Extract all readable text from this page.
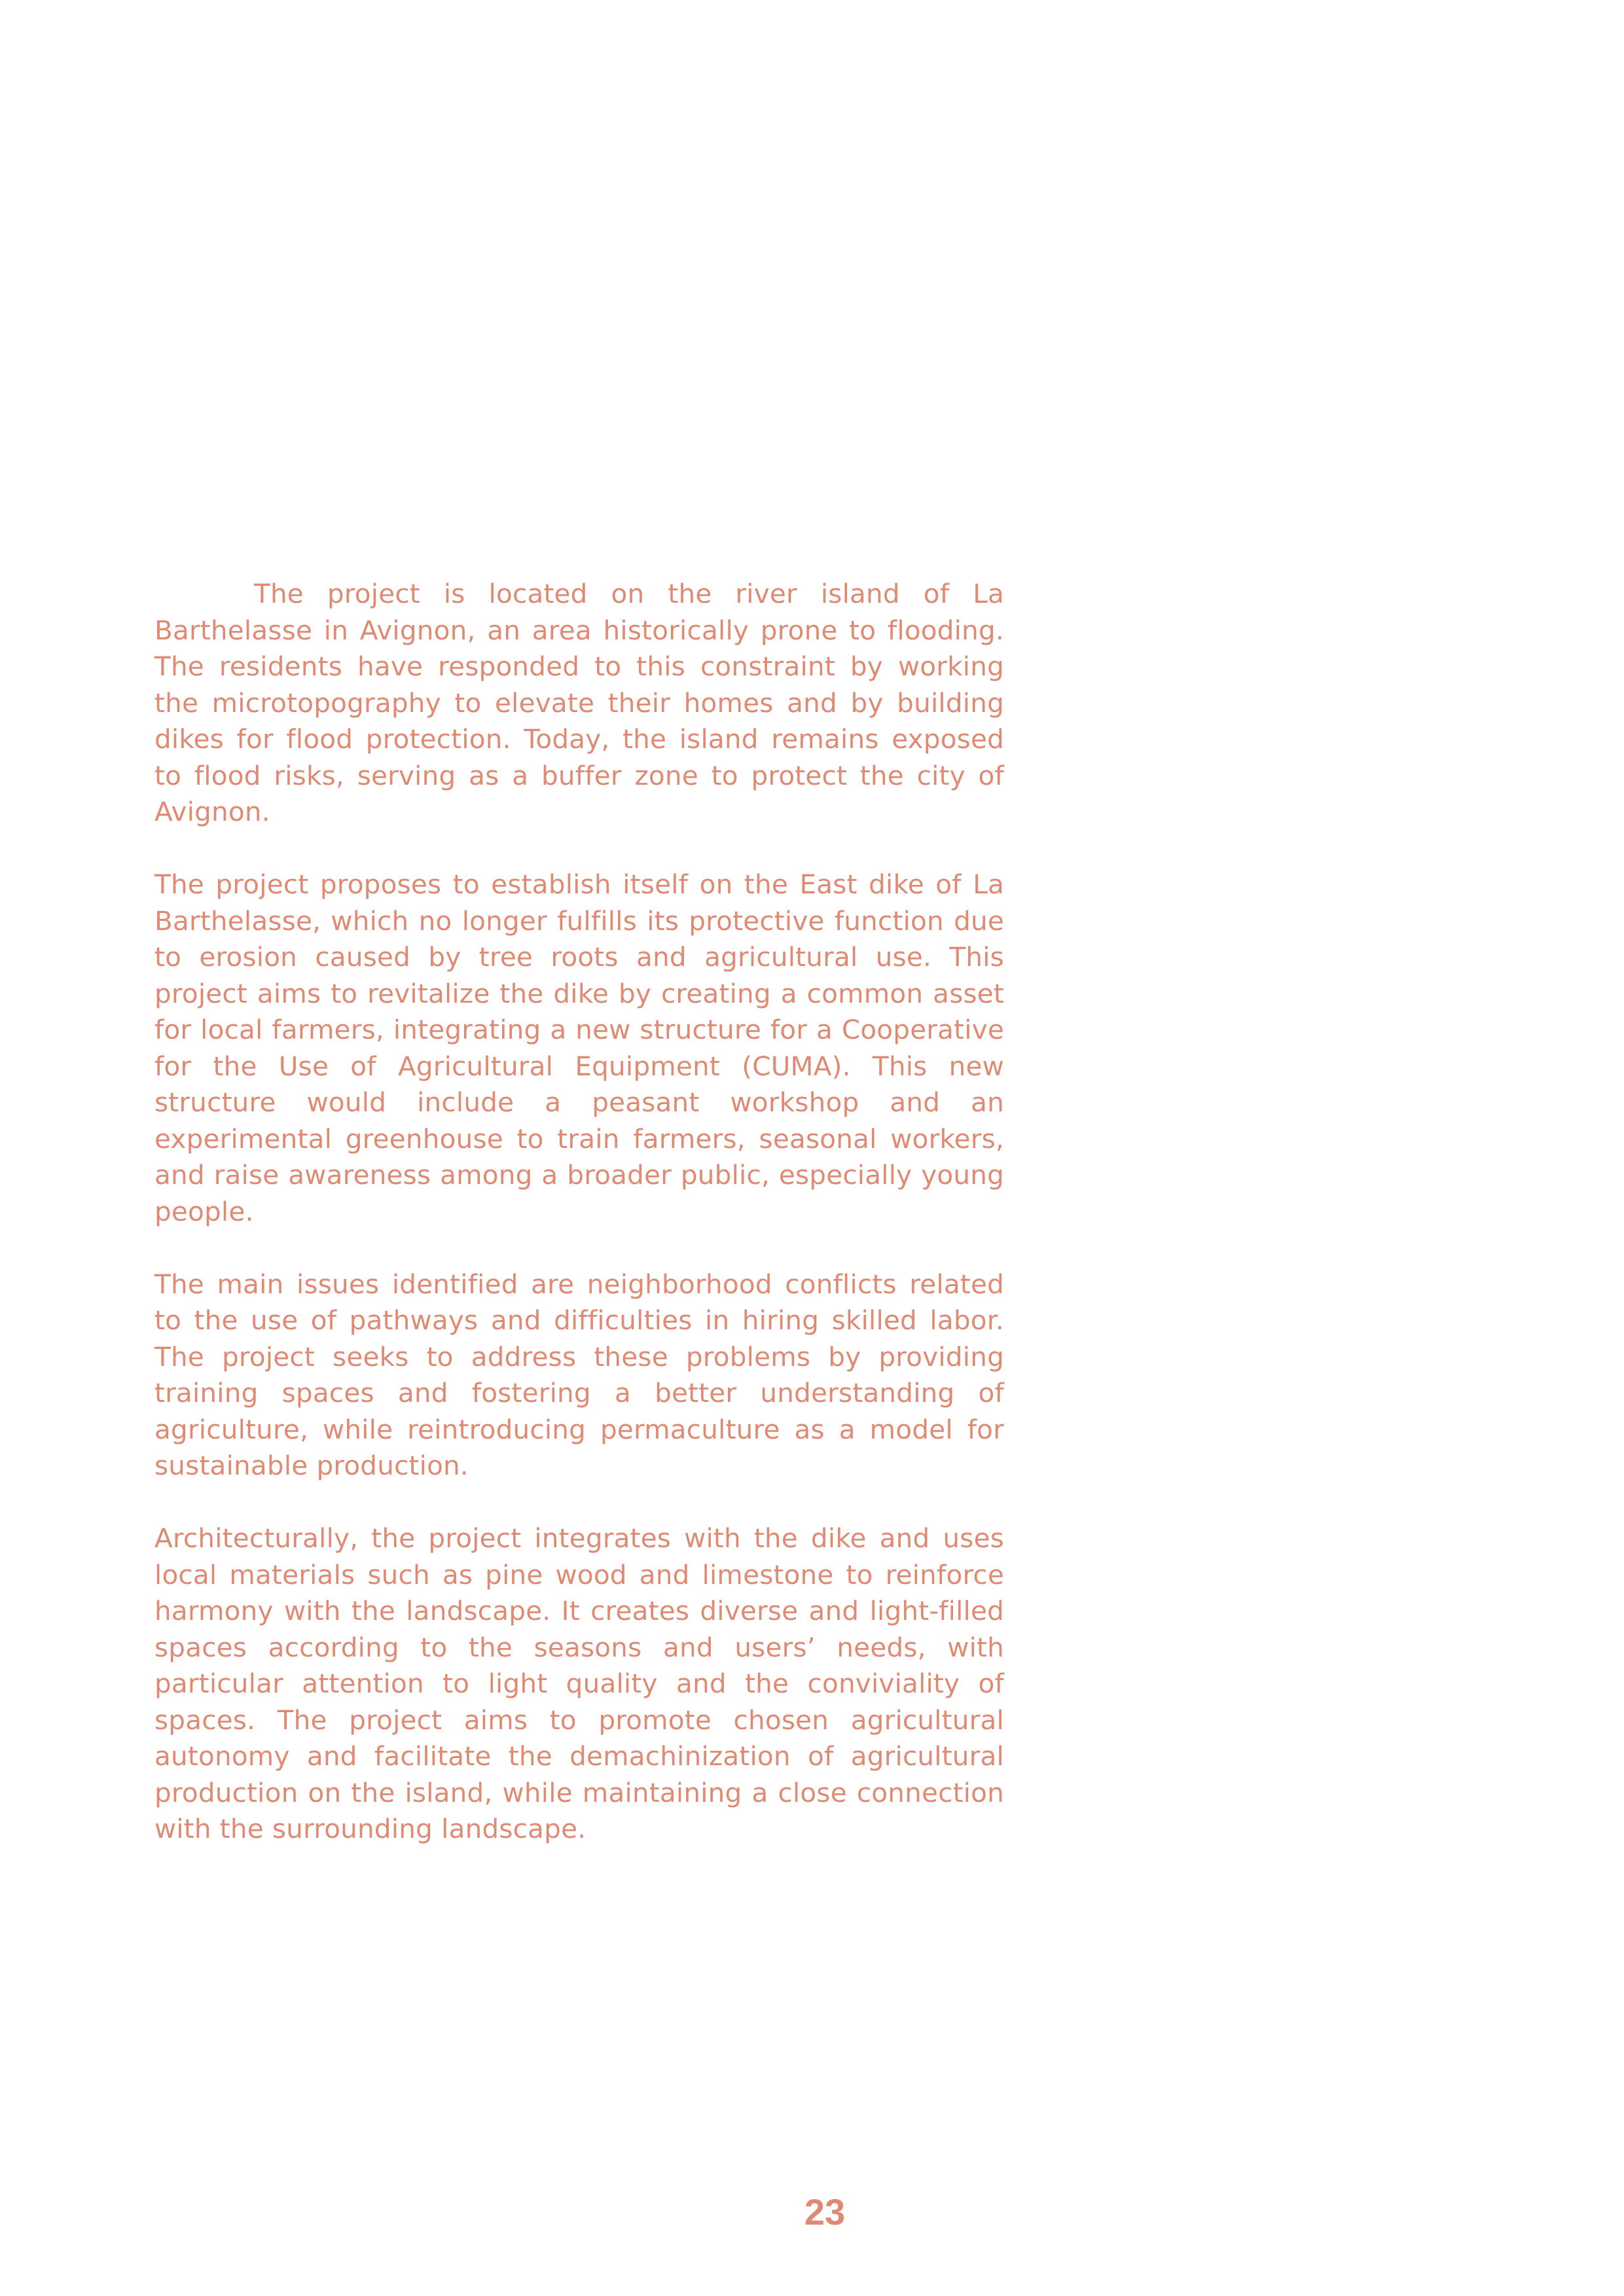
The project is located on the river island of La Barthelasse in Avignon, an area historically prone to flooding. The residents have responded to this constraint by working the microtopography to elevate their homes and by building dikes for flood protection. Today, the island remains exposed to flood risks, serving as a buffer zone to protect the city of Avignon.

The project proposes to establish itself on the East dike of La Barthelasse, which no longer fulfills its protective function due to erosion caused by tree roots and agricultural use. This project aims to revitalize the dike by creating a common asset for local farmers, integrating a new structure for a Cooperative for the Use of Agricultural Equipment (CUMA). This new structure would include a peasant workshop and an experimental greenhouse to train farmers, seasonal workers, and raise awareness among a broader public, especially young people.

The main issues identified are neighborhood conflicts related to the use of pathways and difficulties in hiring skilled labor. The project seeks to address these problems by providing training spaces and fostering a better understanding of agriculture, while reintroducing permaculture as a model for sustainable production.

Architecturally, the project integrates with the dike and uses local materials such as pine wood and limestone to reinforce harmony with the landscape. It creates diverse and light-filled spaces according to the seasons and users’ needs, with particular attention to light quality and the conviviality of spaces. The project aims to promote chosen agricultural autonomy and facilitate the demachinization of agricultural production on the island, while maintaining a close connection with the surrounding landscape.

23
